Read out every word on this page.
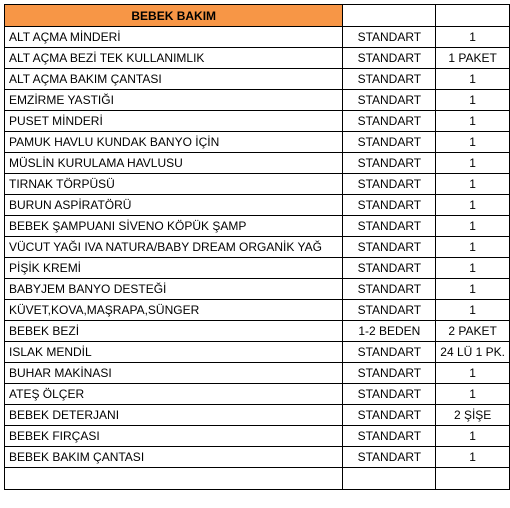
BEBEK BAKIM		
ALT AÇMA MİNDERİ	STANDART	1
ALT AÇMA BEZİ TEK KULLANIMLIK	STANDART	1 PAKET
ALT AÇMA BAKIM ÇANTASI	STANDART	1
EMZİRME YASTIĞI	STANDART	1
PUSET MİNDERİ	STANDART	1
PAMUK HAVLU KUNDAK BANYO İÇİN	STANDART	1
MÜSLİN KURULAMA HAVLUSU	STANDART	1
TIRNAK TÖRPÜSÜ	STANDART	1
BURUN ASPİRATÖRÜ	STANDART	1
BEBEK ŞAMPUANI SİVENO KÖPÜK ŞAMP	STANDART	1
VÜCUT YAĞI IVA NATURA/BABY DREAM ORGANİK YAĞ	STANDART	1
PİŞİK KREMİ	STANDART	1
BABYJEM BANYO DESTEĞİ	STANDART	1
KÜVET,KOVA,MAŞRAPA,SÜNGER	STANDART	1
BEBEK BEZİ	1-2 BEDEN	2 PAKET
ISLAK MENDİL	STANDART	24 LÜ 1 PK.
BUHAR MAKİNASI	STANDART	1
ATEŞ ÖLÇER	STANDART	1
BEBEK DETERJANI	STANDART	2 ŞİŞE
BEBEK FIRÇASI	STANDART	1
BEBEK BAKIM ÇANTASI	STANDART	1
